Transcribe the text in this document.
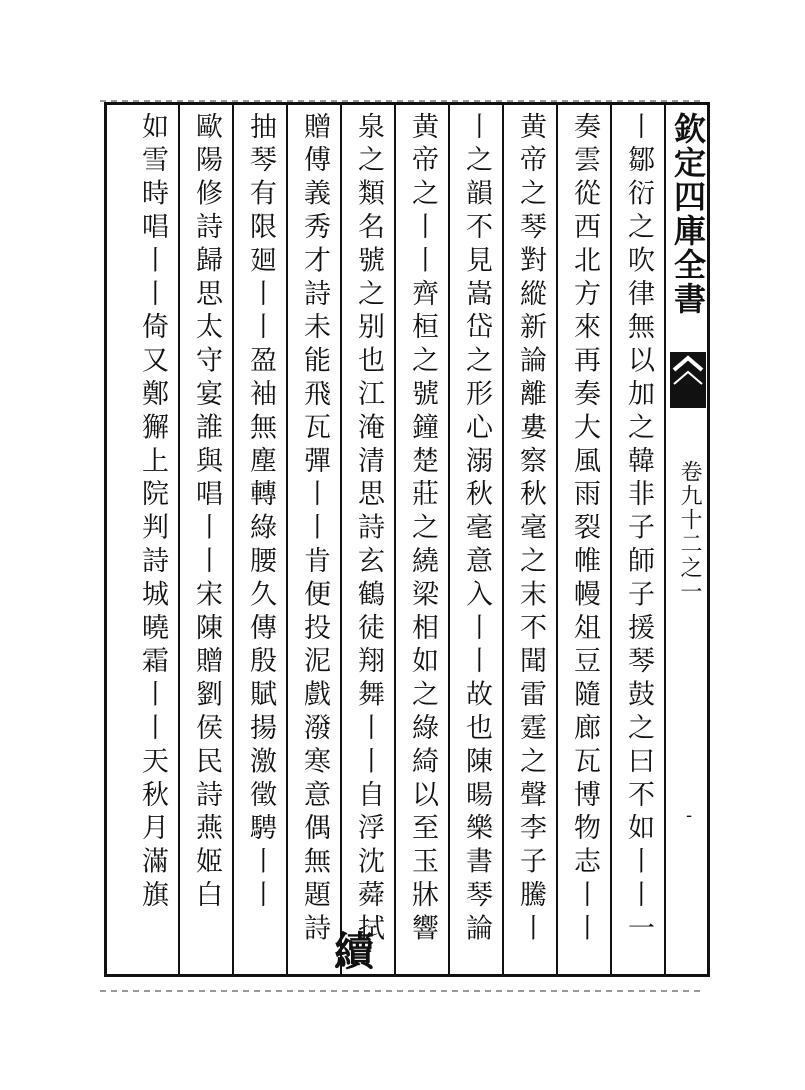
欽定四庫全書
卷九十二之一
-
丨鄒衍之吹律無以加之韓非子師子援琴鼓之曰不如丨丨一
奏雲從西北方來再奏大風雨裂帷幔俎豆隨廊瓦博物志丨丨
黄帝之琴對縱新論離婁察秋毫之末不聞雷霆之聲李子騰丨
丨之韻不見嵩岱之形心溺秋毫意入丨丨故也陳暘樂書琴論
黄帝之丨丨齊桓之號鐘楚莊之繞梁相如之綠綺以至玉牀響
泉之類名號之别也江淹清思詩玄鶴徒翔舞丨丨自浮沈蕣拭
贈傅義秀才詩未能飛瓦彈丨丨肯便投泥戲潑寒意偶無題詩
抽琴有限廻丨丨盈袖無塵轉綠腰久傳殷賦揚激徵騁丨丨
歐陽修詩歸思太守宴誰與唱丨丨宋陳贈劉侯民詩燕姬白
如雪時唱丨丨倚又鄭獬上院判詩城曉霜丨丨天秋月滿旗
續
